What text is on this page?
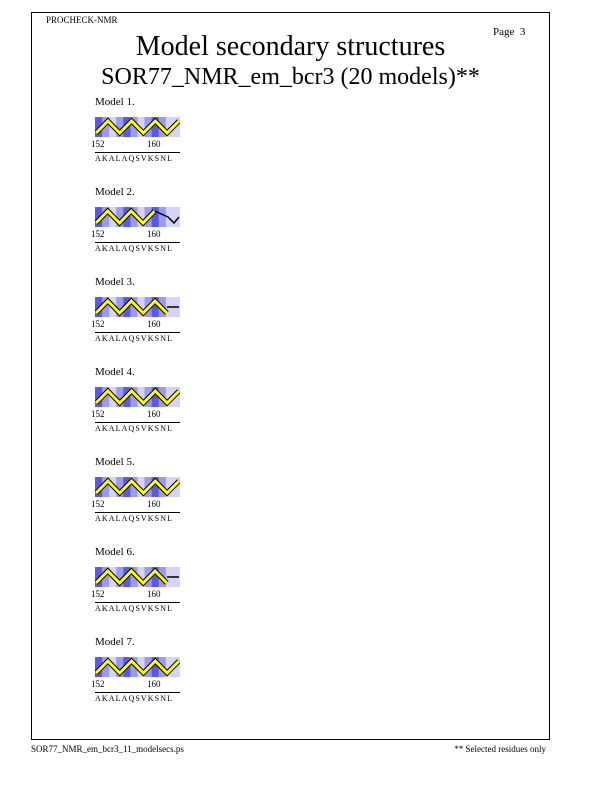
PROCHECK-NMR
Page 3
Model secondary structures
SOR77_NMR_em_bcr3 (20 models)**
Model 1.
152	160
AKALAQSVKSNL
Model 2.
152	160
AKALAQSVKSNL
Model 3.
152	160
AKALAQSVKSNL
Model 4.
152	160
AKALAQSVKSNL
Model 5.
152	160
AKALAQSVKSNL
Model 6.
152	160
AKALAQSVKSNL
Model 7.
152	160
AKALAQSVKSNL
SOR77_NMR_em_bcr3_11_modelsecs.ps	** Selected residues only
